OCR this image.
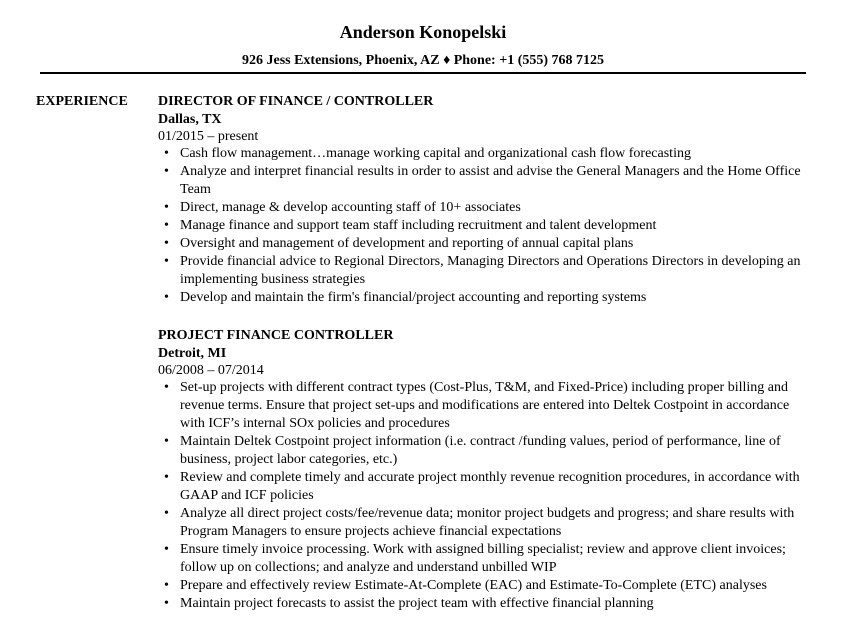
Anderson Konopelski
926 Jess Extensions, Phoenix, AZ ♦ Phone: +1 (555) 768 7125
EXPERIENCE DIRECTOR OF FINANCE / CONTROLLER
Dallas, TX
01/2015 – present
• Cash flow management…manage working capital and organizational cash flow forecasting
• Analyze and interpret financial results in order to assist and advise the General Managers and the Home Office Team
• Direct, manage & develop accounting staff of 10+ associates
• Manage finance and support team staff including recruitment and talent development
• Oversight and management of development and reporting of annual capital plans
• Provide financial advice to Regional Directors, Managing Directors and Operations Directors in developing an implementing business strategies
• Develop and maintain the firm's financial/project accounting and reporting systems
PROJECT FINANCE CONTROLLER
Detroit, MI
06/2008 – 07/2014
• Set-up projects with different contract types (Cost-Plus, T&M, and Fixed-Price) including proper billing and revenue terms. Ensure that project set-ups and modifications are entered into Deltek Costpoint in accordance with ICF’s internal SOx policies and procedures
• Maintain Deltek Costpoint project information (i.e. contract /funding values, period of performance, line of business, project labor categories, etc.)
• Review and complete timely and accurate project monthly revenue recognition procedures, in accordance with GAAP and ICF policies
• Analyze all direct project costs/fee/revenue data; monitor project budgets and progress; and share results with Program Managers to ensure projects achieve financial expectations
• Ensure timely invoice processing. Work with assigned billing specialist; review and approve client invoices; follow up on collections; and analyze and understand unbilled WIP
• Prepare and effectively review Estimate-At-Complete (EAC) and Estimate-To-Complete (ETC) analyses
• Maintain project forecasts to assist the project team with effective financial planning
